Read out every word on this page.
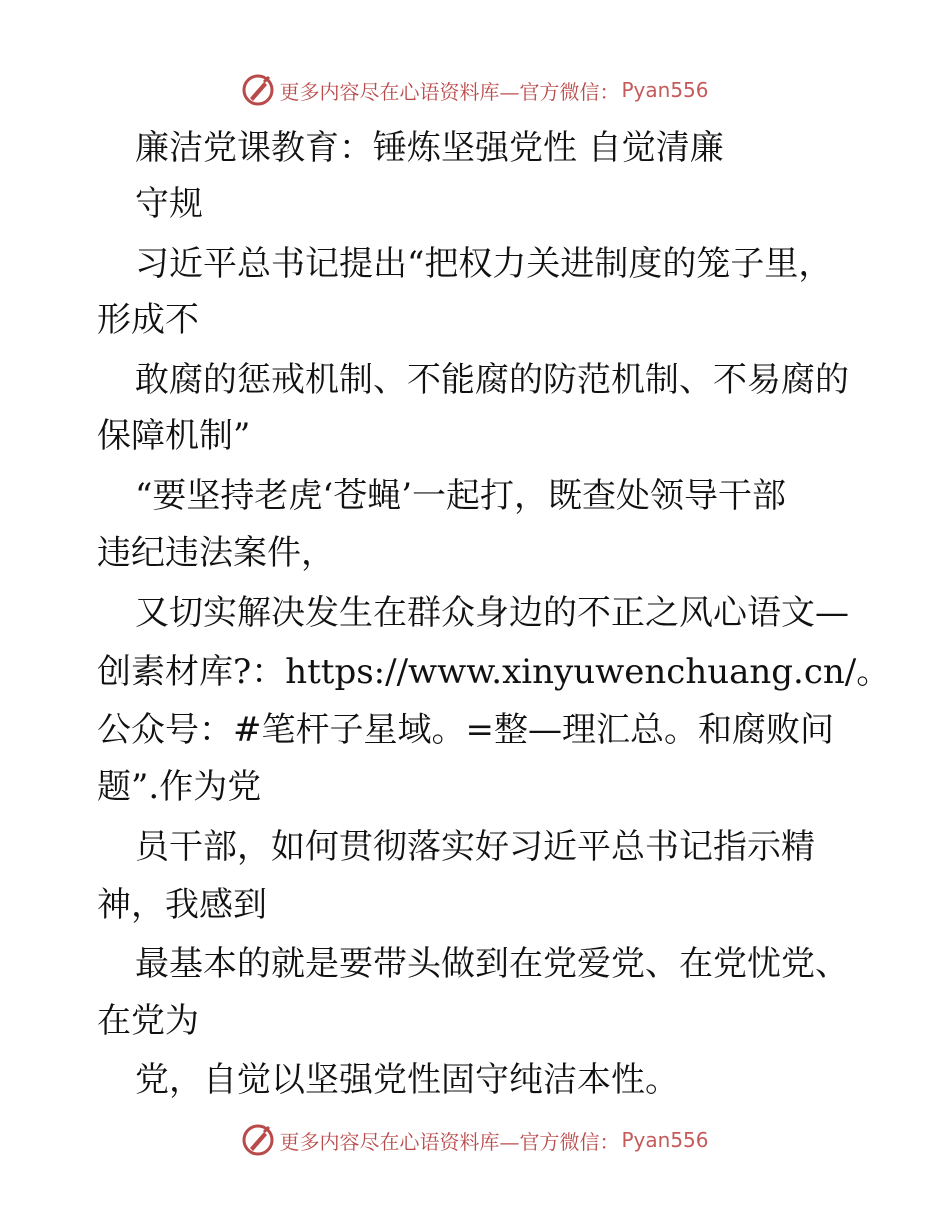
更多内容尽在心语资料库—官方微信： Pyan556
廉洁党课教育：锤炼坚强党性 自觉清廉
守规
习近平总书记提出“把权力关进制度的笼子里，
形成不
敢腐的惩戒机制、不能腐的防范机制、不易腐的
保障机制”
“要坚持老虎‘苍蝇’一起打，既查处领导干部
违纪违法案件，
又切实解决发生在群众身边的不正之风心语文—
创素材库?：https://www.xinyuwenchuang.cn/。
公众号：#笔杆子星域。=整—理汇总。和腐败问
题”.作为党
员干部，如何贯彻落实好习近平总书记指示精
神，我感到
最基本的就是要带头做到在党爱党、在党忧党、
在党为
党，自觉以坚强党性固守纯洁本性。
更多内容尽在心语资料库—官方微信： Pyan556
